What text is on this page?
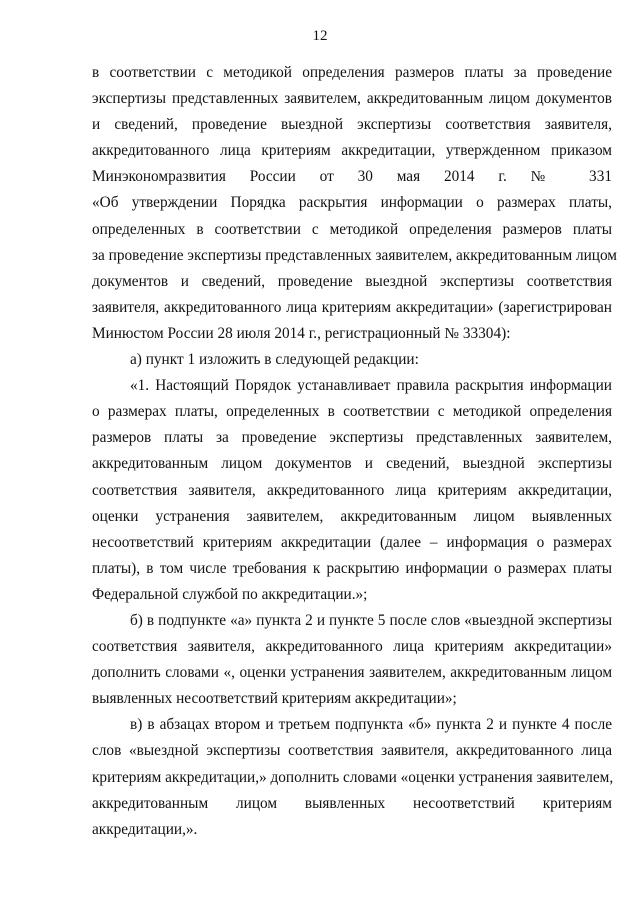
12

в соответствии с методикой определения размеров платы за проведение
экспертизы представленных заявителем, аккредитованным лицом документов
и сведений, проведение выездной экспертизы соответствия заявителя,
аккредитованного лица критериям аккредитации, утвержденном приказом
Минэкономразвития России от 30 мая 2014 г. № 331
«Об утверждении Порядка раскрытия информации о размерах платы,
определенных в соответствии с методикой определения размеров платы
за проведение экспертизы представленных заявителем, аккредитованным лицом
документов и сведений, проведение выездной экспертизы соответствия
заявителя, аккредитованного лица критериям аккредитации» (зарегистрирован
Минюстом России 28 июля 2014 г., регистрационный № 33304):

а) пункт 1 изложить в следующей редакции:

«1. Настоящий Порядок устанавливает правила раскрытия информации
о размерах платы, определенных в соответствии с методикой определения
размеров платы за проведение экспертизы представленных заявителем,
аккредитованным лицом документов и сведений, выездной экспертизы
соответствия заявителя, аккредитованного лица критериям аккредитации,
оценки устранения заявителем, аккредитованным лицом выявленных
несоответствий критериям аккредитации (далее – информация о размерах
платы), в том числе требования к раскрытию информации о размерах платы
Федеральной службой по аккредитации.»;

б) в подпункте «а» пункта 2 и пункте 5 после слов «выездной экспертизы
соответствия заявителя, аккредитованного лица критериям аккредитации»
дополнить словами «, оценки устранения заявителем, аккредитованным лицом
выявленных несоответствий критериям аккредитации»;

в) в абзацах втором и третьем подпункта «б» пункта 2 и пункте 4 после
слов «выездной экспертизы соответствия заявителя, аккредитованного лица
критериям аккредитации,» дополнить словами «оценки устранения заявителем,
аккредитованным лицом выявленных несоответствий критериям
аккредитации,».
